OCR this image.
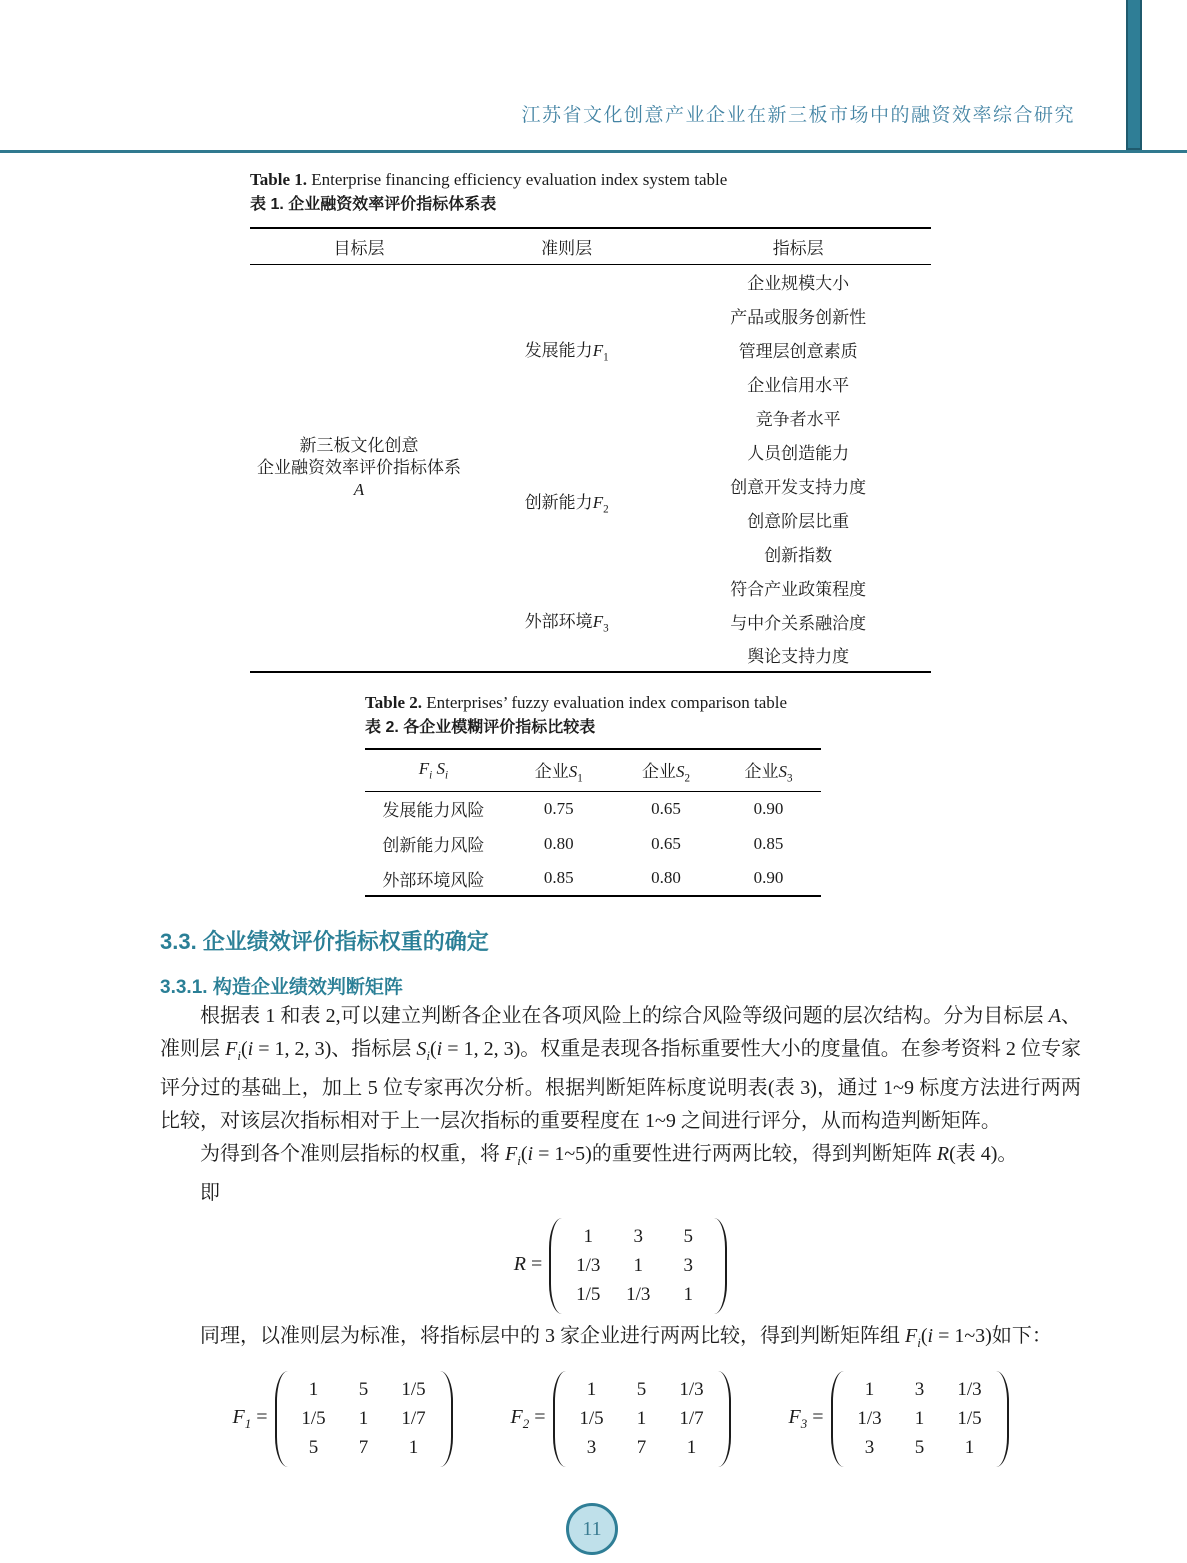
江苏省文化创意产业企业在新三板市场中的融资效率综合研究
Table 1. Enterprise financing efficiency evaluation index system table
表 1. 企业融资效率评价指标体系表
目标层	准则层	指标层

新三板文化创意
企业融资效率评价指标体系
A	发展能力$F_1$	企业规模大小
		产品或服务创新性
		管理层创意素质
		企业信用水平
		竞争者水平
	创新能力$F_2$	人员创造能力
		创意开发支持力度
		创意阶层比重
		创新指数
	外部环境$F_3$	符合产业政策程度
		与中介关系融洽度
		舆论支持力度
Table 2. Enterprises’ fuzzy evaluation index comparison table
表 2. 各企业模糊评价指标比较表
$F_i$ $S_i$	企业$S_1$	企业$S_2$	企业$S_3$
发展能力风险	0.75	0.65	0.90
创新能力风险	0.80	0.65	0.85
外部环境风险	0.85	0.80	0.90
3.3. 企业绩效评价指标权重的确定
3.3.1. 构造企业绩效判断矩阵

根据表 1 和表 2,可以建立判断各企业在各项风险上的综合风险等级问题的层次结构。分为目标层 A、准则层 $F_i(i = 1$, 2, 3)、指标层 $S_i(i = 1$, 2, 3)。权重是表现各指标重要性大小的度量值。在参考资料 2 位专家评分过的基础上，加上 5 位专家再次分析。根据判断矩阵标度说明表(表 3)，通过 1~9 标度方法进行两两比较，对该层次指标相对于上一层次指标的重要程度在 1~9 之间进行评分，从而构造判断矩阵。

为得到各个准则层指标的权重，将 $F_i(i$ = 1~5)的重要性进行两两比较，得到判断矩阵 R(表 4)。

即

R =
1 3 5
1/3 1 3
1/5 1/3 1

同理，以准则层为标准，将指标层中的 3 家企业进行两两比较，得到判断矩阵组 $F_i(i$ = 1~3)如下：

$F_1$ =
1 5 1/5
1/5 1 1/7
5 7 1
$F_2$ =
1 5 1/3
1/5 1 1/7
3 7 1
$F_3$ =
1 3 1/3
1/3 1 1/5
3 5 1
11
